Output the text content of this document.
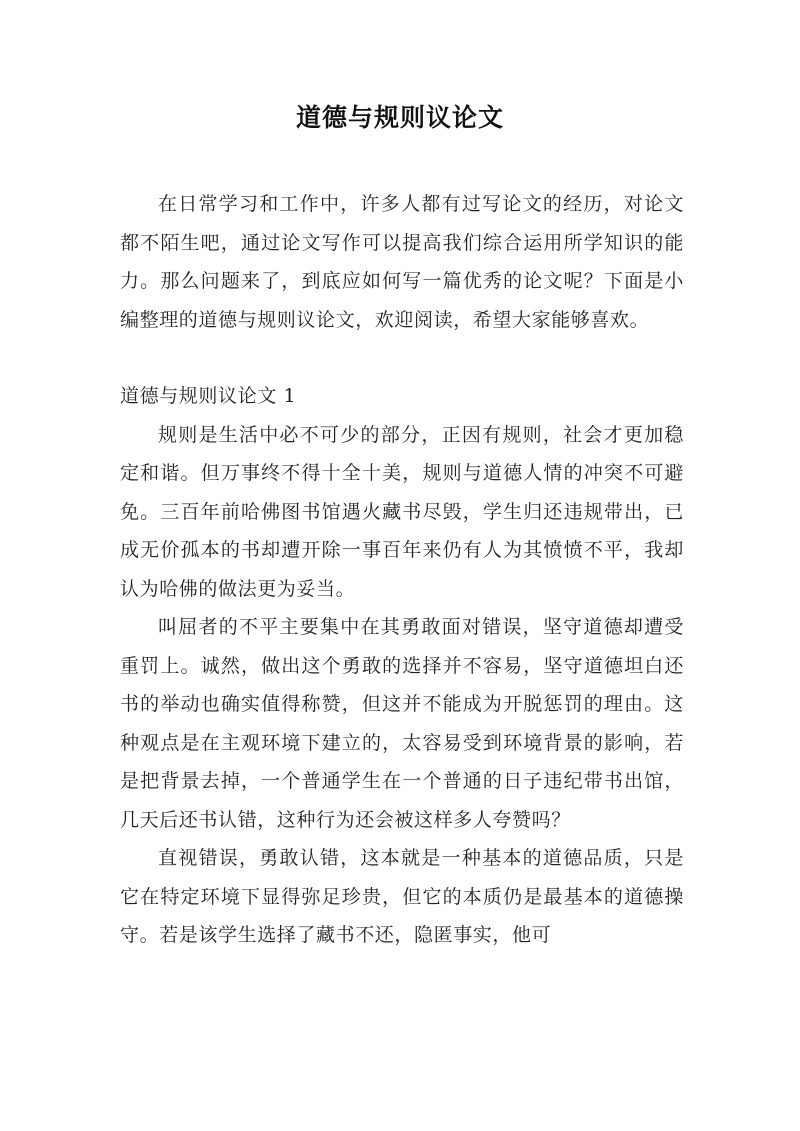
道德与规则议论文

在日常学习和工作中，许多人都有过写论文的经历，对论文都不陌生吧，通过论文写作可以提高我们综合运用所学知识的能力。那么问题来了，到底应如何写一篇优秀的论文呢？下面是小编整理的道德与规则议论文，欢迎阅读，希望大家能够喜欢。

道德与规则议论文 1

规则是生活中必不可少的部分，正因有规则，社会才更加稳定和谐。但万事终不得十全十美，规则与道德人情的冲突不可避免。三百年前哈佛图书馆遇火藏书尽毁，学生归还违规带出，已成无价孤本的书却遭开除一事百年来仍有人为其愤愤不平，我却认为哈佛的做法更为妥当。

叫屈者的不平主要集中在其勇敢面对错误，坚守道德却遭受重罚上。诚然，做出这个勇敢的选择并不容易，坚守道德坦白还书的举动也确实值得称赞，但这并不能成为开脱惩罚的理由。这种观点是在主观环境下建立的，太容易受到环境背景的影响，若是把背景去掉，一个普通学生在一个普通的日子违纪带书出馆，几天后还书认错，这种行为还会被这样多人夸赞吗？

直视错误，勇敢认错，这本就是一种基本的道德品质，只是它在特定环境下显得弥足珍贵，但它的本质仍是最基本的道德操守。若是该学生选择了藏书不还，隐匿事实，他可
